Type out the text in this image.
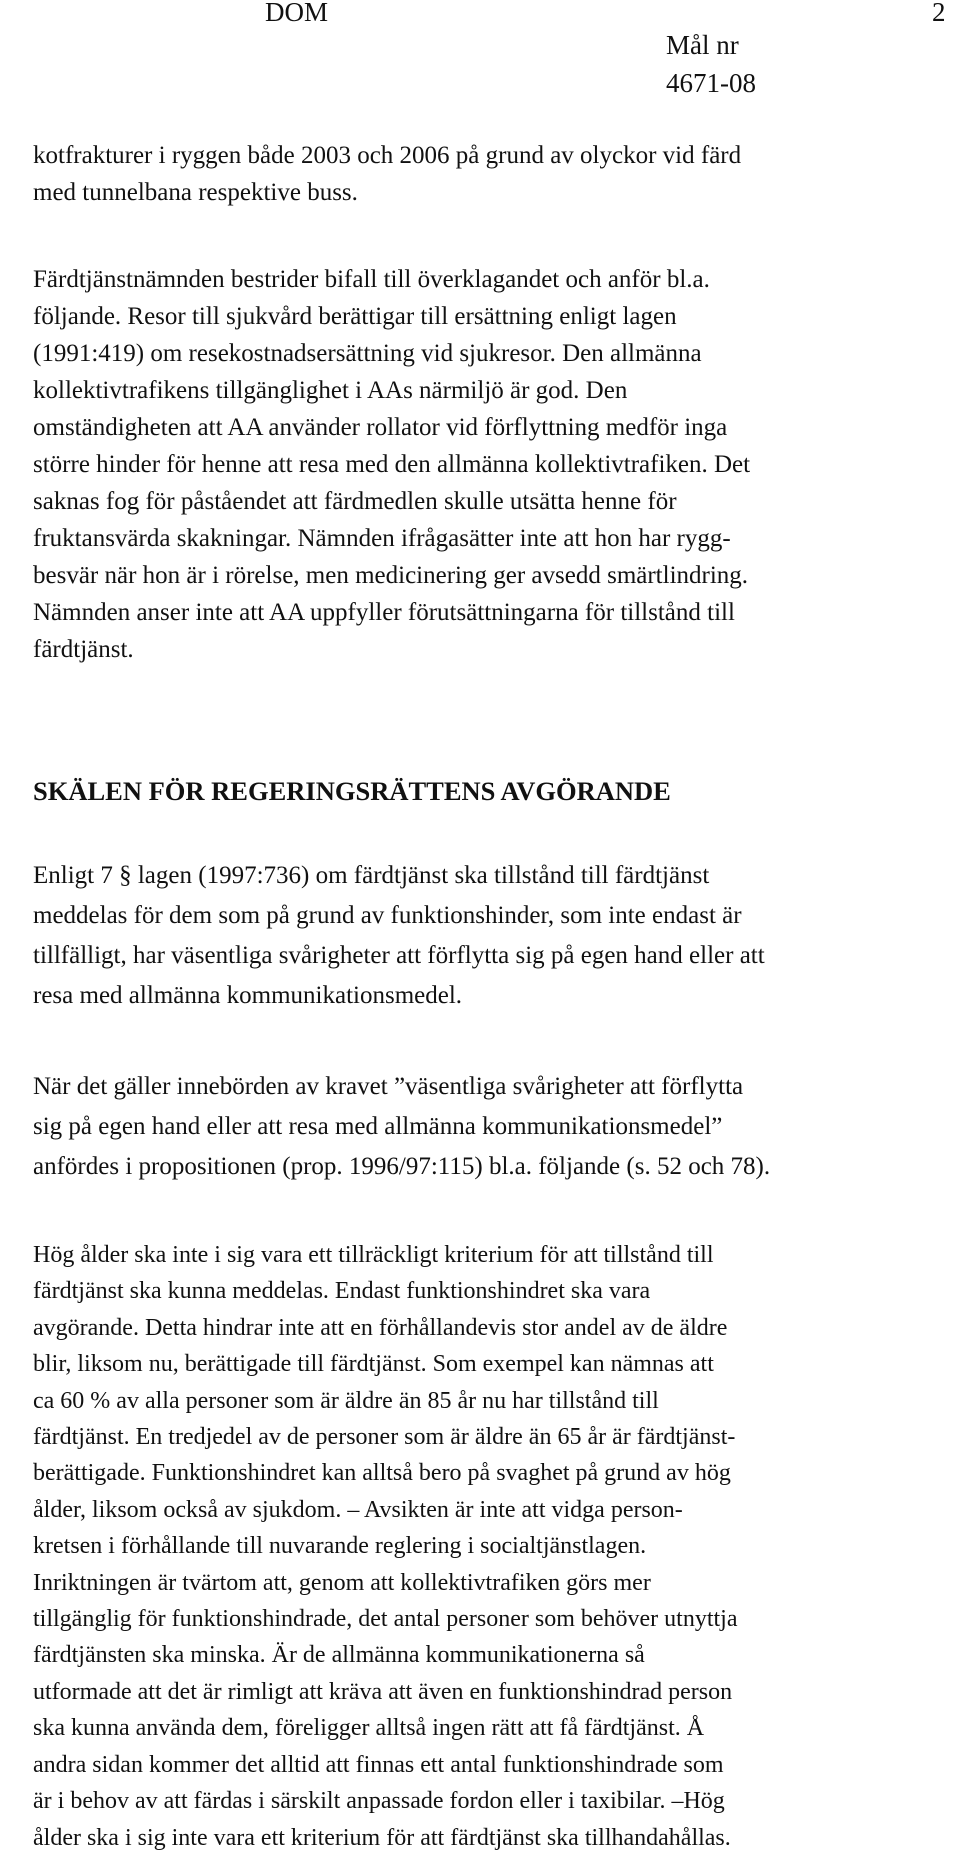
DOM	2
Mål nr
4671-08
kotfrakturer i ryggen både 2003 och 2006 på grund av olyckor vid färd
med tunnelbana respektive buss.
Färdtjänstnämnden bestrider bifall till överklagandet och anför bl.a.
följande. Resor till sjukvård berättigar till ersättning enligt lagen
(1991:419) om resekostnadsersättning vid sjukresor. Den allmänna
kollektivtrafikens tillgänglighet i AAs närmiljö är god. Den
omständigheten att AA använder rollator vid förflyttning medför inga
större hinder för henne att resa med den allmänna kollektivtrafiken. Det
saknas fog för påståendet att färdmedlen skulle utsätta henne för
fruktansvärda skakningar. Nämnden ifrågasätter inte att hon har rygg-
besvär när hon är i rörelse, men medicinering ger avsedd smärtlindring.
Nämnden anser inte att AA uppfyller förutsättningarna för tillstånd till
färdtjänst.
SKÄLEN FÖR REGERINGSRÄTTENS AVGÖRANDE
Enligt 7 § lagen (1997:736) om färdtjänst ska tillstånd till färdtjänst
meddelas för dem som på grund av funktionshinder, som inte endast är
tillfälligt, har väsentliga svårigheter att förflytta sig på egen hand eller att
resa med allmänna kommunikationsmedel.
När det gäller innebörden av kravet ”väsentliga svårigheter att förflytta
sig på egen hand eller att resa med allmänna kommunikationsmedel”
anfördes i propositionen (prop. 1996/97:115) bl.a. följande (s. 52 och 78).
Hög ålder ska inte i sig vara ett tillräckligt kriterium för att tillstånd till
färdtjänst ska kunna meddelas. Endast funktionshindret ska vara
avgörande. Detta hindrar inte att en förhållandevis stor andel av de äldre
blir, liksom nu, berättigade till färdtjänst. Som exempel kan nämnas att
ca 60 % av alla personer som är äldre än 85 år nu har tillstånd till
färdtjänst. En tredjedel av de personer som är äldre än 65 år är färdtjänst-
berättigade. Funktionshindret kan alltså bero på svaghet på grund av hög
ålder, liksom också av sjukdom. – Avsikten är inte att vidga person-
kretsen i förhållande till nuvarande reglering i socialtjänstlagen.
Inriktningen är tvärtom att, genom att kollektivtrafiken görs mer
tillgänglig för funktionshindrade, det antal personer som behöver utnyttja
färdtjänsten ska minska. Är de allmänna kommunikationerna så
utformade att det är rimligt att kräva att även en funktionshindrad person
ska kunna använda dem, föreligger alltså ingen rätt att få färdtjänst. Å
andra sidan kommer det alltid att finnas ett antal funktionshindrade som
är i behov av att färdas i särskilt anpassade fordon eller i taxibilar. –Hög
ålder ska i sig inte vara ett kriterium för att färdtjänst ska tillhandahållas.
